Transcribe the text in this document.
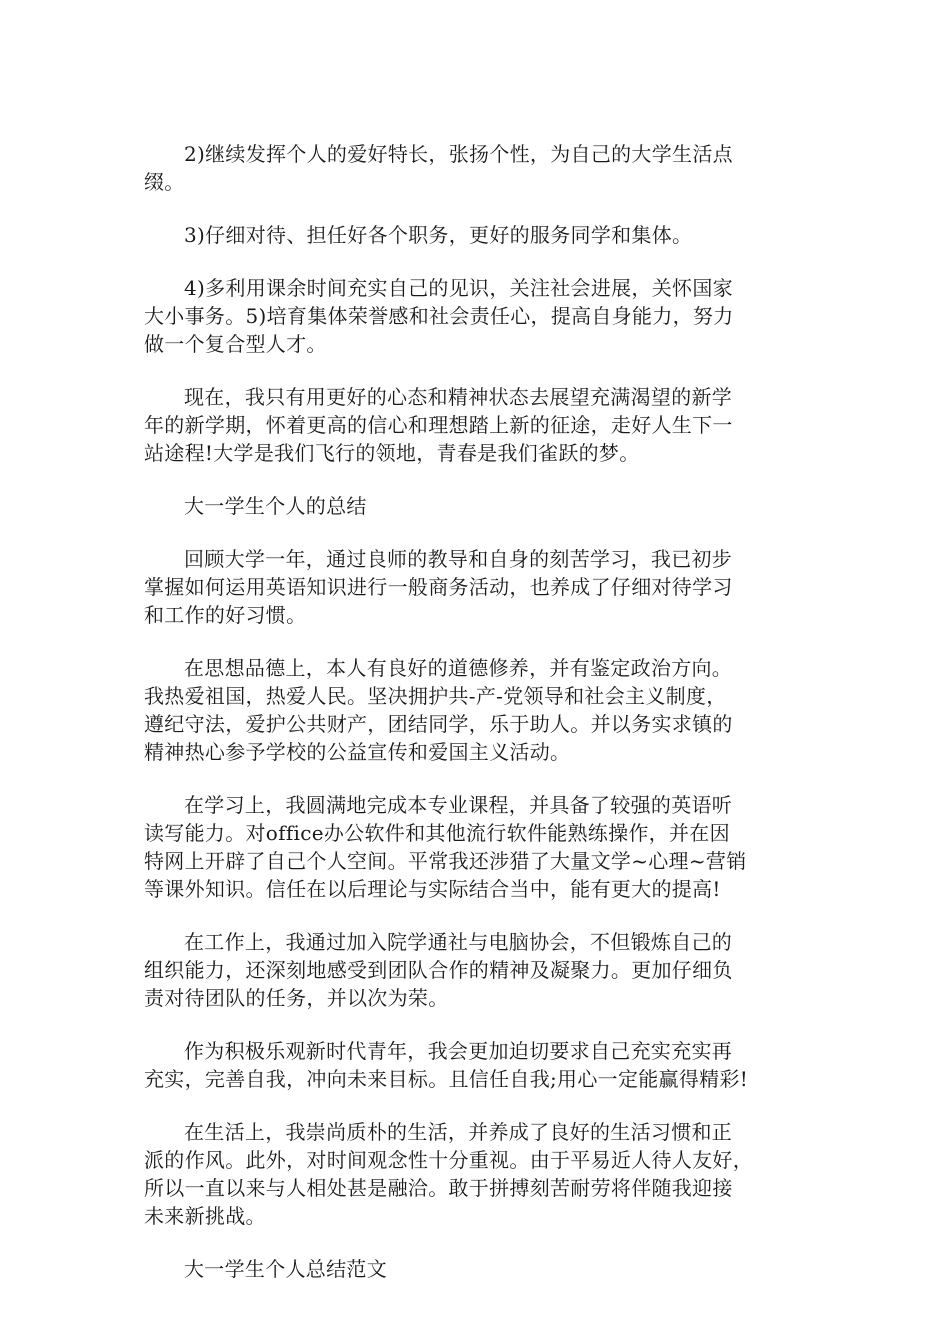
2)继续发挥个人的爱好特长，张扬个性，为自己的大学生活点
缀。
3)仔细对待、担任好各个职务，更好的服务同学和集体。
4)多利用课余时间充实自己的见识，关注社会进展，关怀国家
大小事务。5)培育集体荣誉感和社会责任心，提高自身能力，努力
做一个复合型人才。
现在，我只有用更好的心态和精神状态去展望充满渴望的新学
年的新学期，怀着更高的信心和理想踏上新的征途，走好人生下一
站途程!大学是我们飞行的领地，青春是我们雀跃的梦。
大一学生个人的总结
回顾大学一年，通过良师的教导和自身的刻苦学习，我已初步
掌握如何运用英语知识进行一般商务活动，也养成了仔细对待学习
和工作的好习惯。
在思想品德上，本人有良好的道德修养，并有鉴定政治方向。
我热爱祖国，热爱人民。坚决拥护共-产-党领导和社会主义制度，
遵纪守法，爱护公共财产，团结同学，乐于助人。并以务实求镇的
精神热心参予学校的公益宣传和爱国主义活动。
在学习上，我圆满地完成本专业课程，并具备了较强的英语听
读写能力。对office办公软件和其他流行软件能熟练操作，并在因
特网上开辟了自己个人空间。平常我还涉猎了大量文学~心理~营销
等课外知识。信任在以后理论与实际结合当中，能有更大的提高!
在工作上，我通过加入院学通社与电脑协会，不但锻炼自己的
组织能力，还深刻地感受到团队合作的精神及凝聚力。更加仔细负
责对待团队的任务，并以次为荣。
作为积极乐观新时代青年，我会更加迫切要求自己充实充实再
充实，完善自我，冲向未来目标。且信任自我;用心一定能赢得精彩!
在生活上，我崇尚质朴的生活，并养成了良好的生活习惯和正
派的作风。此外，对时间观念性十分重视。由于平易近人待人友好，
所以一直以来与人相处甚是融洽。敢于拼搏刻苦耐劳将伴随我迎接
未来新挑战。
大一学生个人总结范文
